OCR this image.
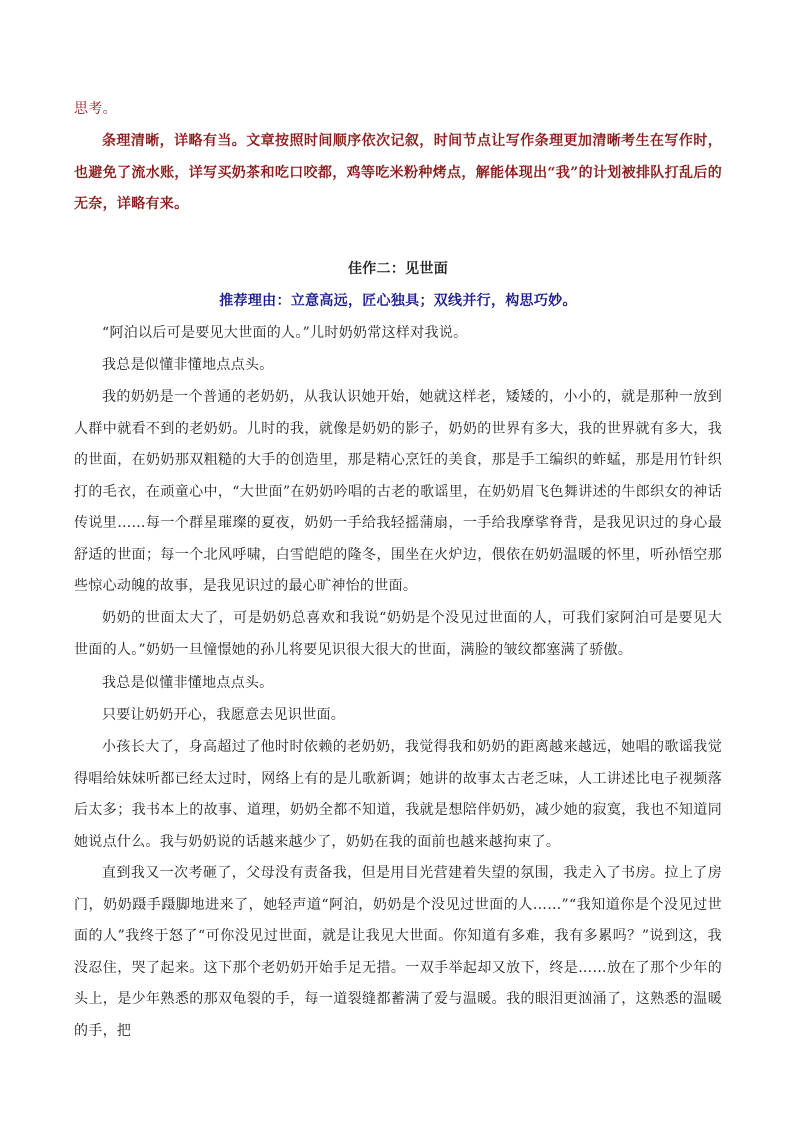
思考。

条理清晰，详略有当。文章按照时间顺序依次记叙，时间节点让写作条理更加清晰考生在写作时，也避免了流水账，详写买奶茶和吃口咬都，鸡等吃米粉种烤点，解能体现出“我”的计划被排队打乱后的无奈，详略有来。

佳作二：见世面

推荐理由：立意高远，匠心独具；双线并行，构思巧妙。

“阿泊以后可是要见大世面的人。”儿时奶奶常这样对我说。

我总是似懂非懂地点点头。

我的奶奶是一个普通的老奶奶，从我认识她开始，她就这样老，矮矮的，小小的，就是那种一放到人群中就看不到的老奶奶。儿时的我，就像是奶奶的影子，奶奶的世界有多大，我的世界就有多大，我的世面，在奶奶那双粗糙的大手的创造里，那是精心烹饪的美食，那是手工编织的蚱蜢，那是用竹针织打的毛衣，在顽童心中，“大世面”在奶奶吟唱的古老的歌谣里，在奶奶眉飞色舞讲述的牛郎织女的神话传说里……每一个群星璀璨的夏夜，奶奶一手给我轻摇蒲扇，一手给我摩挲脊背，是我见识过的身心最舒适的世面；每一个北风呼啸，白雪皑皑的隆冬，围坐在火炉边，偎依在奶奶温暖的怀里，听孙悟空那些惊心动魄的故事，是我见识过的最心旷神怡的世面。

奶奶的世面太大了，可是奶奶总喜欢和我说“奶奶是个没见过世面的人，可我们家阿泊可是要见大世面的人。”奶奶一旦憧憬她的孙儿将要见识很大很大的世面，满脸的皱纹都塞满了骄傲。

我总是似懂非懂地点点头。

只要让奶奶开心，我愿意去见识世面。

小孩长大了，身高超过了他时时依赖的老奶奶，我觉得我和奶奶的距离越来越远，她唱的歌谣我觉得唱给妹妹听都已经太过时，网络上有的是儿歌新调；她讲的故事太古老乏味，人工讲述比电子视频落后太多；我书本上的故事、道理，奶奶全都不知道，我就是想陪伴奶奶，减少她的寂寞，我也不知道同她说点什么。我与奶奶说的话越来越少了，奶奶在我的面前也越来越拘束了。

直到我又一次考砸了，父母没有责备我，但是用目光营建着失望的氛围，我走入了书房。拉上了房门，奶奶蹑手蹑脚地进来了，她轻声道“阿泊，奶奶是个没见过世面的人……”“我知道你是个没见过世面的人”我终于怒了“可你没见过世面，就是让我见大世面。你知道有多难，我有多累吗？”说到这，我没忍住，哭了起来。这下那个老奶奶开始手足无措。一双手举起却又放下，终是……放在了那个少年的头上，是少年熟悉的那双龟裂的手，每一道裂缝都蓄满了爱与温暖。我的眼泪更汹涌了，这熟悉的温暖的手，把
